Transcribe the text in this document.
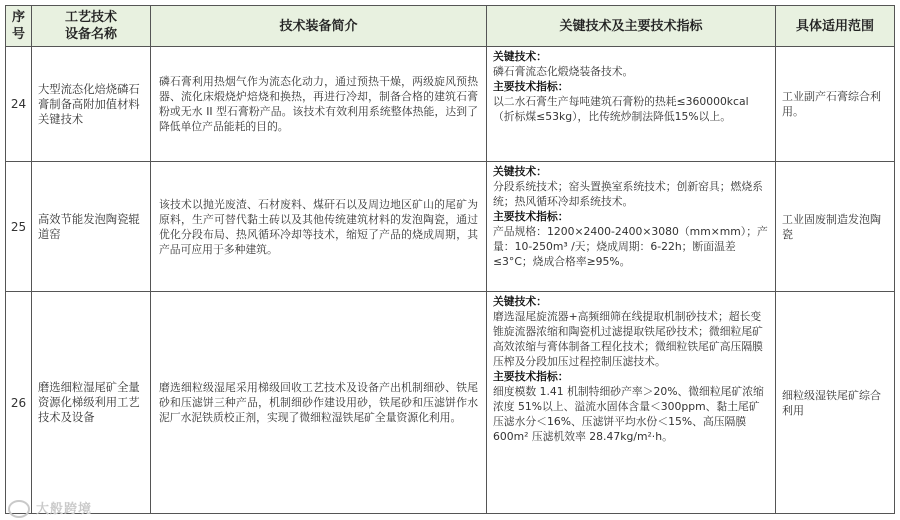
序号	工艺技术
设备名称	技术装备简介	关键技术及主要技术指标	具体适用范围
24	大型流态化焙烧磷石膏制备高附加值材料关键技术	磷石膏利用热烟气作为流态化动力，通过预热干燥，两级旋风预热器、流化床煅烧炉焙烧和换热，再进行冷却，制备合格的建筑石膏粉或无水 II 型石膏粉产品。该技术有效利用系统整体热能，达到了降低单位产品能耗的目的。	关键技术：
磷石膏流态化煅烧装备技术。
主要技术指标：
以二水石膏生产每吨建筑石膏粉的热耗≤360000kcal（折标煤≤53kg），比传统炒制法降低15%以上。	工业副产石膏综合利用。
25	高效节能发泡陶瓷辊道窑	该技术以抛光废渣、石材废料、煤矸石以及周边地区矿山的尾矿为原料，生产可替代黏土砖以及其他传统建筑材料的发泡陶瓷，通过优化分段布局、热风循环冷却等技术，缩短了产品的烧成周期，其产品可应用于多种建筑。	关键技术：
分段系统技术；窑头置换室系统技术；创新窑具；燃烧系统；热风循环冷却系统技术。
主要技术指标：
产品规格：1200×2400-2400×3080（mm×mm）；产量：10-250m³ /天；烧成周期：6-22h；断面温差≤3°C；烧成合格率≥95%。	工业固废制造发泡陶瓷
26	磨选细粒湿尾矿全量资源化梯级利用工艺技术及设备	磨选细粒级湿尾采用梯级回收工艺技术及设备产出机制细砂、铁尾砂和压滤饼三种产品，机制细砂作建设用砂，铁尾砂和压滤饼作水泥厂水泥铁质校正剂，实现了微细粒湿铁尾矿全量资源化利用。	关键技术：
磨选湿尾旋流器+高频细筛在线提取机制砂技术；超长变锥旋流器浓缩和陶瓷机过滤提取铁尾砂技术；微细粒尾矿高效浓缩与膏体制备工程化技术；微细粒铁尾矿高压隔膜压榨及分段加压过程控制压滤技术。
主要技术指标：
细度模数 1.41 机制特细砂产率＞20%、微细粒尾矿浓缩浓度 51%以上、溢流水固体含量＜300ppm、黏土尾矿压滤水分＜16%、压滤饼平均水份＜15%、高压隔膜 600m² 压滤机效率 28.47kg/m²·h。	细粒级湿铁尾矿综合利用
大般跨境
